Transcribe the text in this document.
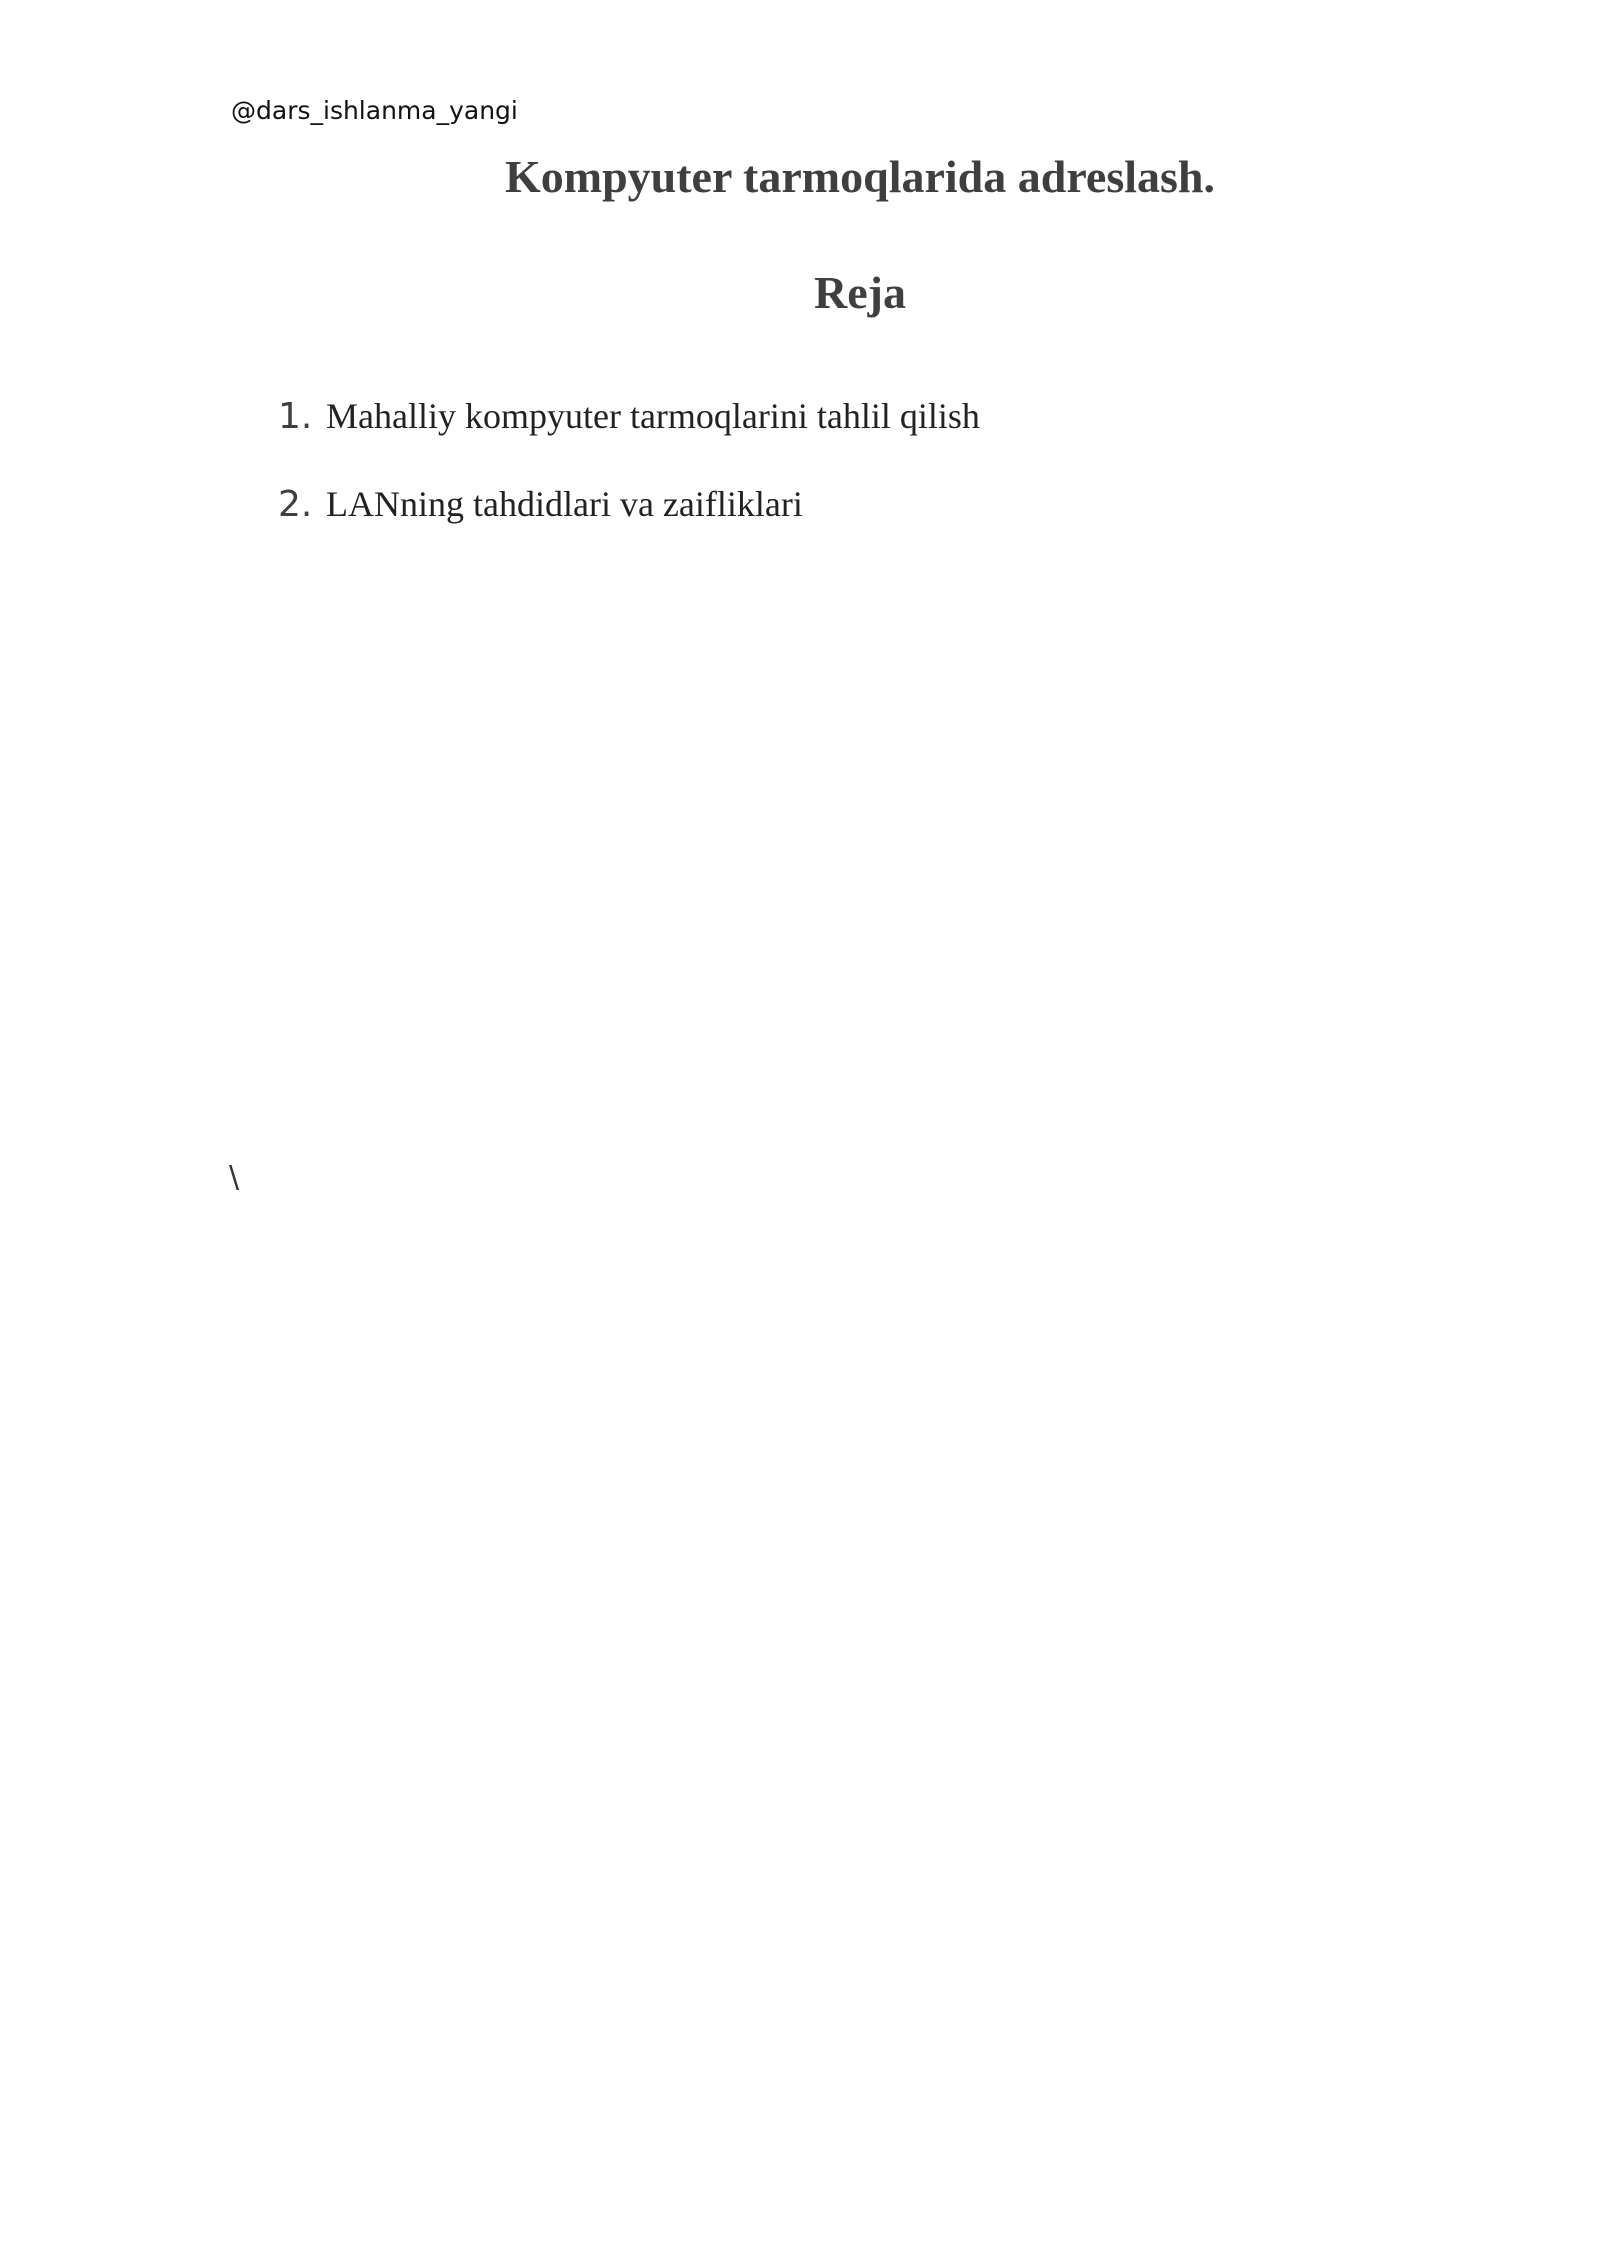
@dars_ishlanma_yangi
Kompyuter tarmoqlarida adreslash.
Reja
1. Mahalliy kompyuter tarmoqlarini tahlil qilish
2. LANning tahdidlari va zaifliklari
\
